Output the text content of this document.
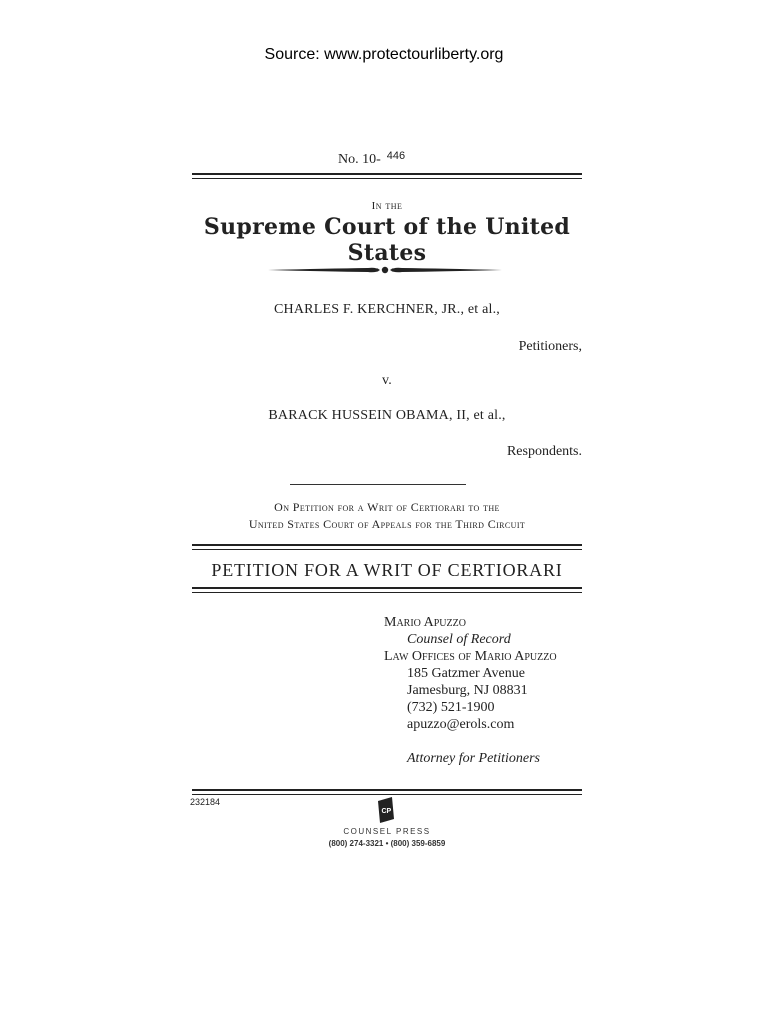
Source: www.protectourliberty.org
No. 10- $^{446}$
In the
Supreme Court of the United States
CHARLES F. KERCHNER, JR., et al.,
Petitioners,
v.
BARACK HUSSEIN OBAMA, II, et al.,
Respondents.
On Petition for a Writ of Certiorari to the
United States Court of Appeals for the Third Circuit
PETITION FOR A WRIT OF CERTIORARI
Mario Apuzzo
Counsel of Record
Law Offices of Mario Apuzzo
185 Gatzmer Avenue
Jamesburg, NJ 08831
(732) 521-1900
apuzzo@erols.com
Attorney for Petitioners
232184
CP
COUNSEL PRESS
(800) 274-3321 • (800) 359-6859
